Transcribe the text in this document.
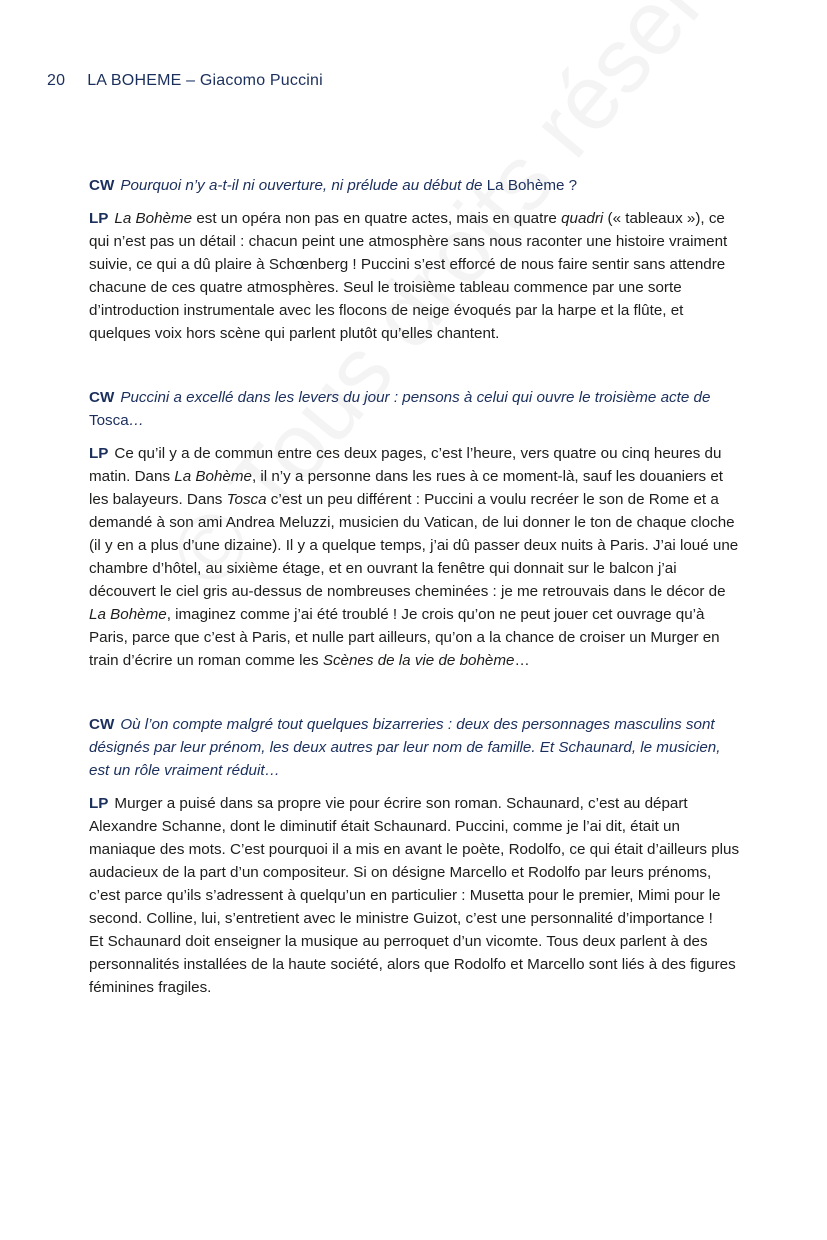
20 LA BOHEME – Giacomo Puccini

CW Pourquoi n’y a-t-il ni ouverture, ni prélude au début de La Bohème ?

LP La Bohème est un opéra non pas en quatre actes, mais en quatre quadri (« tableaux »), ce qui n’est pas un détail : chacun peint une atmosphère sans nous raconter une histoire vraiment suivie, ce qui a dû plaire à Schœnberg ! Puccini s’est efforcé de nous faire sentir sans attendre chacune de ces quatre atmosphères. Seul le troisième tableau commence par une sorte d’introduction instrumentale avec les flocons de neige évoqués par la harpe et la flûte, et quelques voix hors scène qui parlent plutôt qu’elles chantent.

CW Puccini a excellé dans les levers du jour : pensons à celui qui ouvre le troisième acte de Tosca…

LP Ce qu’il y a de commun entre ces deux pages, c’est l’heure, vers quatre ou cinq heures du matin. Dans La Bohème, il n’y a personne dans les rues à ce moment-là, sauf les douaniers et les balayeurs. Dans Tosca c’est un peu différent : Puccini a voulu recréer le son de Rome et a demandé à son ami Andrea Meluzzi, musicien du Vatican, de lui donner le ton de chaque cloche (il y en a plus d’une dizaine). Il y a quelque temps, j’ai dû passer deux nuits à Paris. J’ai loué une chambre d’hôtel, au sixième étage, et en ouvrant la fenêtre qui donnait sur le balcon j’ai découvert le ciel gris au-dessus de nombreuses cheminées : je me retrouvais dans le décor de La Bohème, imaginez comme j’ai été troublé ! Je crois qu’on ne peut jouer cet ouvrage qu’à Paris, parce que c’est à Paris, et nulle part ailleurs, qu’on a la chance de croiser un Murger en train d’écrire un roman comme les Scènes de la vie de bohème…

CW Où l’on compte malgré tout quelques bizarreries : deux des personnages masculins sont désignés par leur prénom, les deux autres par leur nom de famille. Et Schaunard, le musicien, est un rôle vraiment réduit…

LP Murger a puisé dans sa propre vie pour écrire son roman. Schaunard, c’est au départ Alexandre Schanne, dont le diminutif était Schaunard. Puccini, comme je l’ai dit, était un maniaque des mots. C’est pourquoi il a mis en avant le poète, Rodolfo, ce qui était d’ailleurs plus audacieux de la part d’un compositeur. Si on désigne Marcello et Rodolfo par leurs prénoms, c’est parce qu’ils s’adressent à quelqu’un en particulier : Musetta pour le premier, Mimi pour le second. Colline, lui, s’entretient avec le ministre Guizot, c’est une personnalité d’importance !
Et Schaunard doit enseigner la musique au perroquet d’un vicomte. Tous deux parlent à des personnalités installées de la haute société, alors que Rodolfo et Marcello sont liés à des figures féminines fragiles.
